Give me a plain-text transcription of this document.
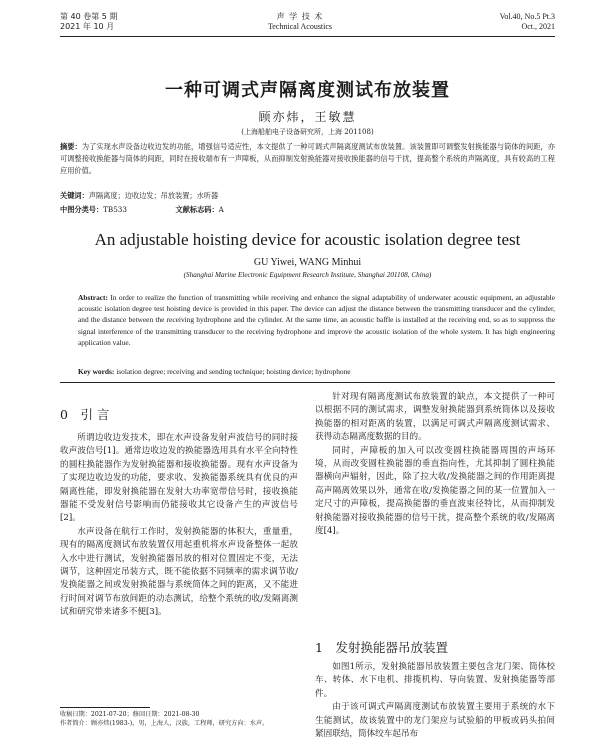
第 40 卷第 5 期
2021 年 10 月
声 学 技 术
Technical Acoustics
Vol.40, No.5 Pt.3
Oct., 2021
一种可调式声隔离度测试布放装置
顾亦炜，王敏慧
(上海船舶电子设备研究所，上海 201108)
摘要：为了实现水声设备边收边发的功能，增强信号适应性，本文提供了一种可调式声隔离度测试布放装置。该装置即可调整发射换能器与筒体的间距，亦可调整接收换能器与筒体的间距，同时在接收端布有一声障板，从而抑制发射换能器对接收换能器的信号干扰，提高整个系统的声隔离度，具有较高的工程应用价值。
关键词：声隔离度；边收边发；吊放装置；水听器
中图分类号：TB533	文献标志码：A
An adjustable hoisting device for acoustic isolation degree test
GU Yiwei, WANG Minhui
(Shanghai Marine Electronic Equipment Research Institute, Shanghai 201108, China)
Abstract: In order to realize the function of transmitting while receiving and enhance the signal adaptability of underwater acoustic equipment, an adjustable acoustic isolation degree test hoisting device is provided in this paper. The device can adjust the distance between the transmitting transducer and the cylinder, and the distance between the receiving hydrophone and the cylinder. At the same time, an acoustic baffle is installed at the receiving end, so as to suppress the signal interference of the transmitting transducer to the receiving hydrophone and improve the acoustic isolation of the whole system. It has high engineering application value.
Key words: isolation degree; receiving and sending technique; hoisting device; hydrophone
0　引 言

所谓边收边发技术，即在水声设备发射声波信号的同时接收声波信号[1]。通常边收边发的换能器选用具有水平全向特性的圆柱换能器作为发射换能器和接收换能器。现有水声设备为了实现边收边发的功能，要求收、发换能器系统具有优良的声隔离性能，即发射换能器在发射大功率宽带信号时，接收换能器能不受发射信号影响而仍能接收其它设备产生的声波信号[2]。

水声设备在航行工作时，发射换能器的体积大，重量重，现有的隔离度测试布放装置仅用起重机将水声设备整体一起放入水中进行测试，发射换能器吊放的相对位置固定不变，无法调节，这种固定吊装方式，既不能依据不同频率的需求调节收/发换能器之间或发射换能器与系统筒体之间的距离，又不能进行时间对调节布放间距的动态测试，给整个系统的收/发隔离测试和研究带来诸多不便[3]。

收稿日期：2021-07-20；修回日期：2021-08-30
作者简介：顾亦炜(1983-)，男，上海人，汉族，工程师，研究方向：水声。

针对现有隔离度测试布放装置的缺点，本文提供了一种可以根据不同的测试需求，调整发射换能器到系统筒体以及接收换能器的相对距离的装置，以满足可调式声隔离度测试需求、获得动态隔离度数据的目的。

同时，声障板的加入可以改变圆柱换能器周围的声场环境，从而改变圆柱换能器的垂直指向性，尤其抑制了圆柱换能器横向声辐射，因此，除了拉大收/发换能器之间的作用距离提高声隔离效果以外，通常在收/发换能器之间的某一位置加入一定尺寸的声障板，提高换能器的垂直波束径特比，从而抑制发射换能器对接收换能器的信号干扰，提高整个系统的收/发隔离度[4]。

1　发射换能器吊放装置

如图1所示，发射换能器吊放装置主要包含龙门架、筒体校车、转体、水下电机、排揽机构、导向装置、发射换能器等部件。

由于该可调式声隔离度测试布放装置主要用于系统的水下生能测试，故该装置中的龙门架应与试验船的甲板或码头拍间紧固联结，筒体绞车起吊布
